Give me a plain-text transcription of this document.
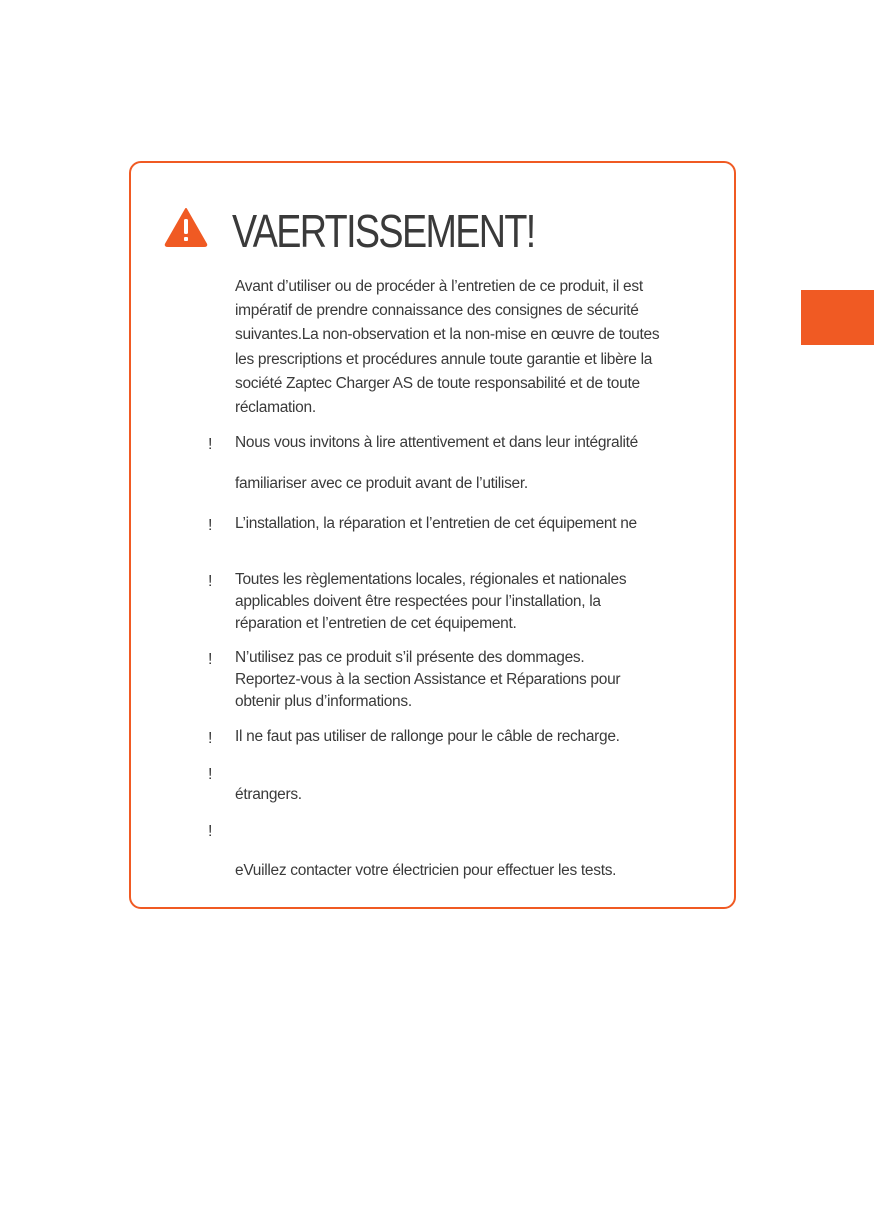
VAERTISSEMENT!

Avant d’utiliser ou de procéder à l’entretien de ce produit, il est
impératif de prendre connaissance des consignes de sécurité
suivantes.La non-observation et la non-mise en œuvre de toutes
les prescriptions et procédures annule toute garantie et libère la
société Zaptec Charger AS de toute responsabilité et de toute
réclamation.

! Nous vous invitons à lire attentivement et dans leur intégralité
familiariser avec ce produit avant de l’utiliser.

! L’installation, la réparation et l’entretien de cet équipement ne

! Toutes les règlementations locales, régionales et nationales
applicables doivent être respectées pour l’installation, la
réparation et l’entretien de cet équipement.

! N’utilisez pas ce produit s’il présente des dommages.
Reportez-vous à la section Assistance et Réparations pour
obtenir plus d’informations.

! Il ne faut pas utiliser de rallonge pour le câble de recharge.

!

étrangers.

!

eVuillez contacter votre électricien pour effectuer les tests.
